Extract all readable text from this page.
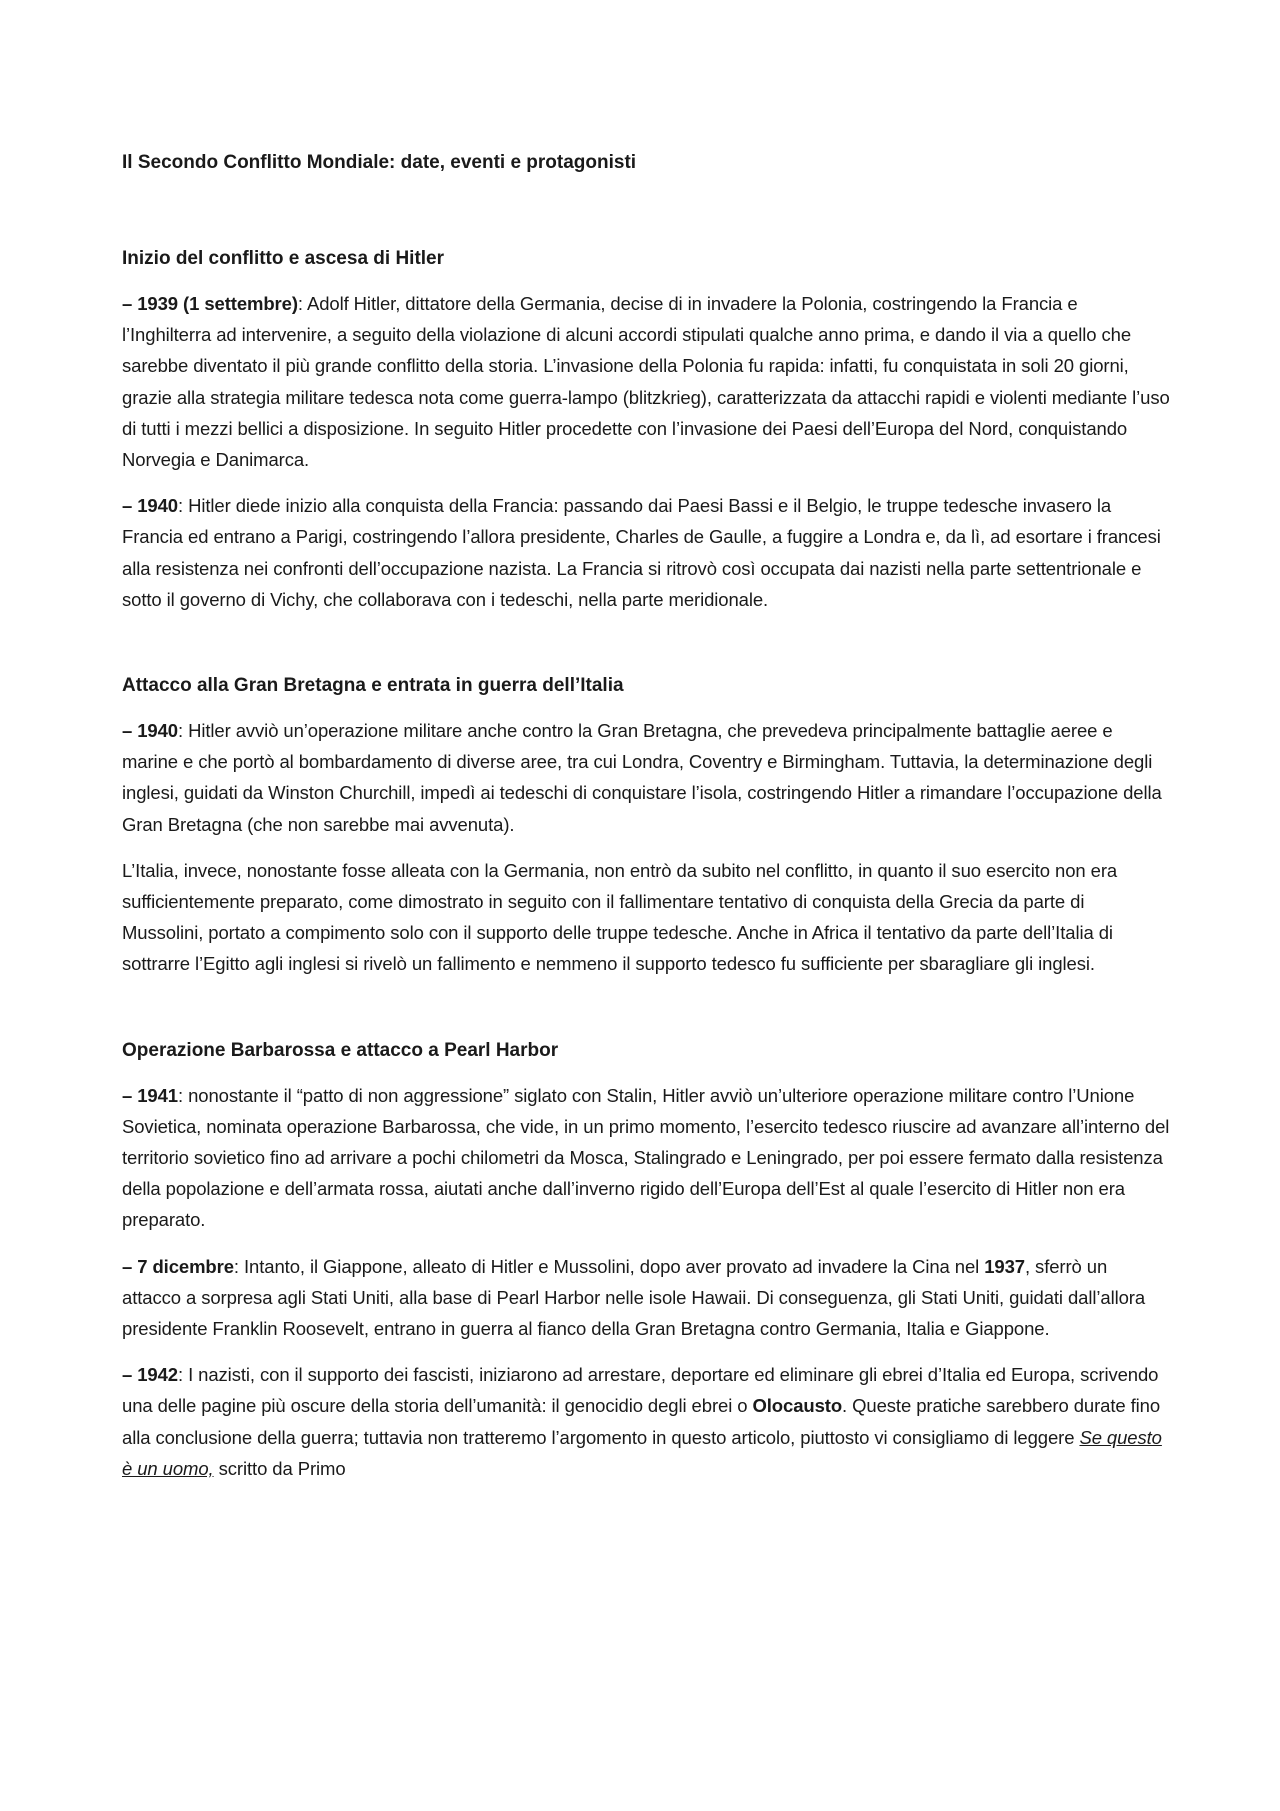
Il Secondo Conflitto Mondiale: date, eventi e protagonisti
Inizio del conflitto e ascesa di Hitler

– 1939 (1 settembre): Adolf Hitler, dittatore della Germania, decise di in invadere la Polonia, costringendo la Francia e l’Inghilterra ad intervenire, a seguito della violazione di alcuni accordi stipulati qualche anno prima, e dando il via a quello che sarebbe diventato il più grande conflitto della storia. L’invasione della Polonia fu rapida: infatti, fu conquistata in soli 20 giorni, grazie alla strategia militare tedesca nota come guerra-lampo (blitzkrieg), caratterizzata da attacchi rapidi e violenti mediante l’uso di tutti i mezzi bellici a disposizione. In seguito Hitler procedette con l’invasione dei Paesi dell’Europa del Nord, conquistando Norvegia e Danimarca.

– 1940: Hitler diede inizio alla conquista della Francia: passando dai Paesi Bassi e il Belgio, le truppe tedesche invasero la Francia ed entrano a Parigi, costringendo l’allora presidente, Charles de Gaulle, a fuggire a Londra e, da lì, ad esortare i francesi alla resistenza nei confronti dell’occupazione nazista. La Francia si ritrovò così occupata dai nazisti nella parte settentrionale e sotto il governo di Vichy, che collaborava con i tedeschi, nella parte meridionale.

Attacco alla Gran Bretagna e entrata in guerra dell’Italia

– 1940: Hitler avviò un’operazione militare anche contro la Gran Bretagna, che prevedeva principalmente battaglie aeree e marine e che portò al bombardamento di diverse aree, tra cui Londra, Coventry e Birmingham. Tuttavia, la determinazione degli inglesi, guidati da Winston Churchill, impedì ai tedeschi di conquistare l’isola, costringendo Hitler a rimandare l’occupazione della Gran Bretagna (che non sarebbe mai avvenuta).

L’Italia, invece, nonostante fosse alleata con la Germania, non entrò da subito nel conflitto, in quanto il suo esercito non era sufficientemente preparato, come dimostrato in seguito con il fallimentare tentativo di conquista della Grecia da parte di Mussolini, portato a compimento solo con il supporto delle truppe tedesche. Anche in Africa il tentativo da parte dell’Italia di sottrarre l’Egitto agli inglesi si rivelò un fallimento e nemmeno il supporto tedesco fu sufficiente per sbaragliare gli inglesi.

Operazione Barbarossa e attacco a Pearl Harbor

– 1941: nonostante il “patto di non aggressione” siglato con Stalin, Hitler avviò un’ulteriore operazione militare contro l’Unione Sovietica, nominata operazione Barbarossa, che vide, in un primo momento, l’esercito tedesco riuscire ad avanzare all’interno del territorio sovietico fino ad arrivare a pochi chilometri da Mosca, Stalingrado e Leningrado, per poi essere fermato dalla resistenza della popolazione e dell’armata rossa, aiutati anche dall’inverno rigido dell’Europa dell’Est al quale l’esercito di Hitler non era preparato.

– 7 dicembre: Intanto, il Giappone, alleato di Hitler e Mussolini, dopo aver provato ad invadere la Cina nel 1937, sferrò un attacco a sorpresa agli Stati Uniti, alla base di Pearl Harbor nelle isole Hawaii. Di conseguenza, gli Stati Uniti, guidati dall’allora presidente Franklin Roosevelt, entrano in guerra al fianco della Gran Bretagna contro Germania, Italia e Giappone.

– 1942: I nazisti, con il supporto dei fascisti, iniziarono ad arrestare, deportare ed eliminare gli ebrei d’Italia ed Europa, scrivendo una delle pagine più oscure della storia dell’umanità: il genocidio degli ebrei o Olocausto. Queste pratiche sarebbero durate fino alla conclusione della guerra; tuttavia non tratteremo l’argomento in questo articolo, piuttosto vi consigliamo di leggere Se questo è un uomo, scritto da Primo
